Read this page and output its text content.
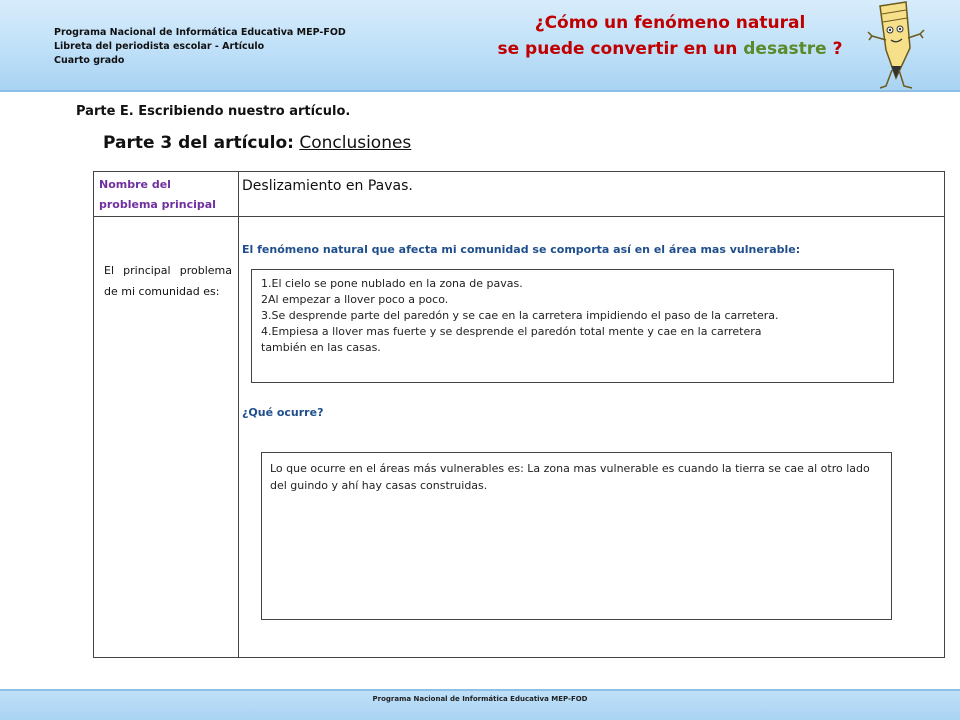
Programa Nacional de Informática Educativa MEP-FOD
Libreta del periodista escolar - Artículo
Cuarto grado
¿Cómo un fenómeno natural
se puede convertir en un desastre ?
Parte E. Escribiendo nuestro artículo.
Parte 3 del artículo: Conclusiones
Nombre del problema principal
Deslizamiento en Pavas.
El principal problema de mi comunidad es:
El fenómeno natural que afecta mi comunidad se comporta así en el área mas vulnerable:
1.El cielo se pone nublado en la zona de pavas.
2Al empezar a llover poco a poco.
3.Se desprende parte del paredón y se cae en la carretera impidiendo el paso de la carretera.
4.Empiesa a llover mas fuerte y se desprende el paredón total mente y cae en la carretera
también en las casas.
¿Qué ocurre?
Lo que ocurre en el áreas más vulnerables es: La zona mas vulnerable es cuando la tierra se cae al otro lado del guindo y ahí hay casas construidas.
Programa Nacional de Informática Educativa MEP-FOD
